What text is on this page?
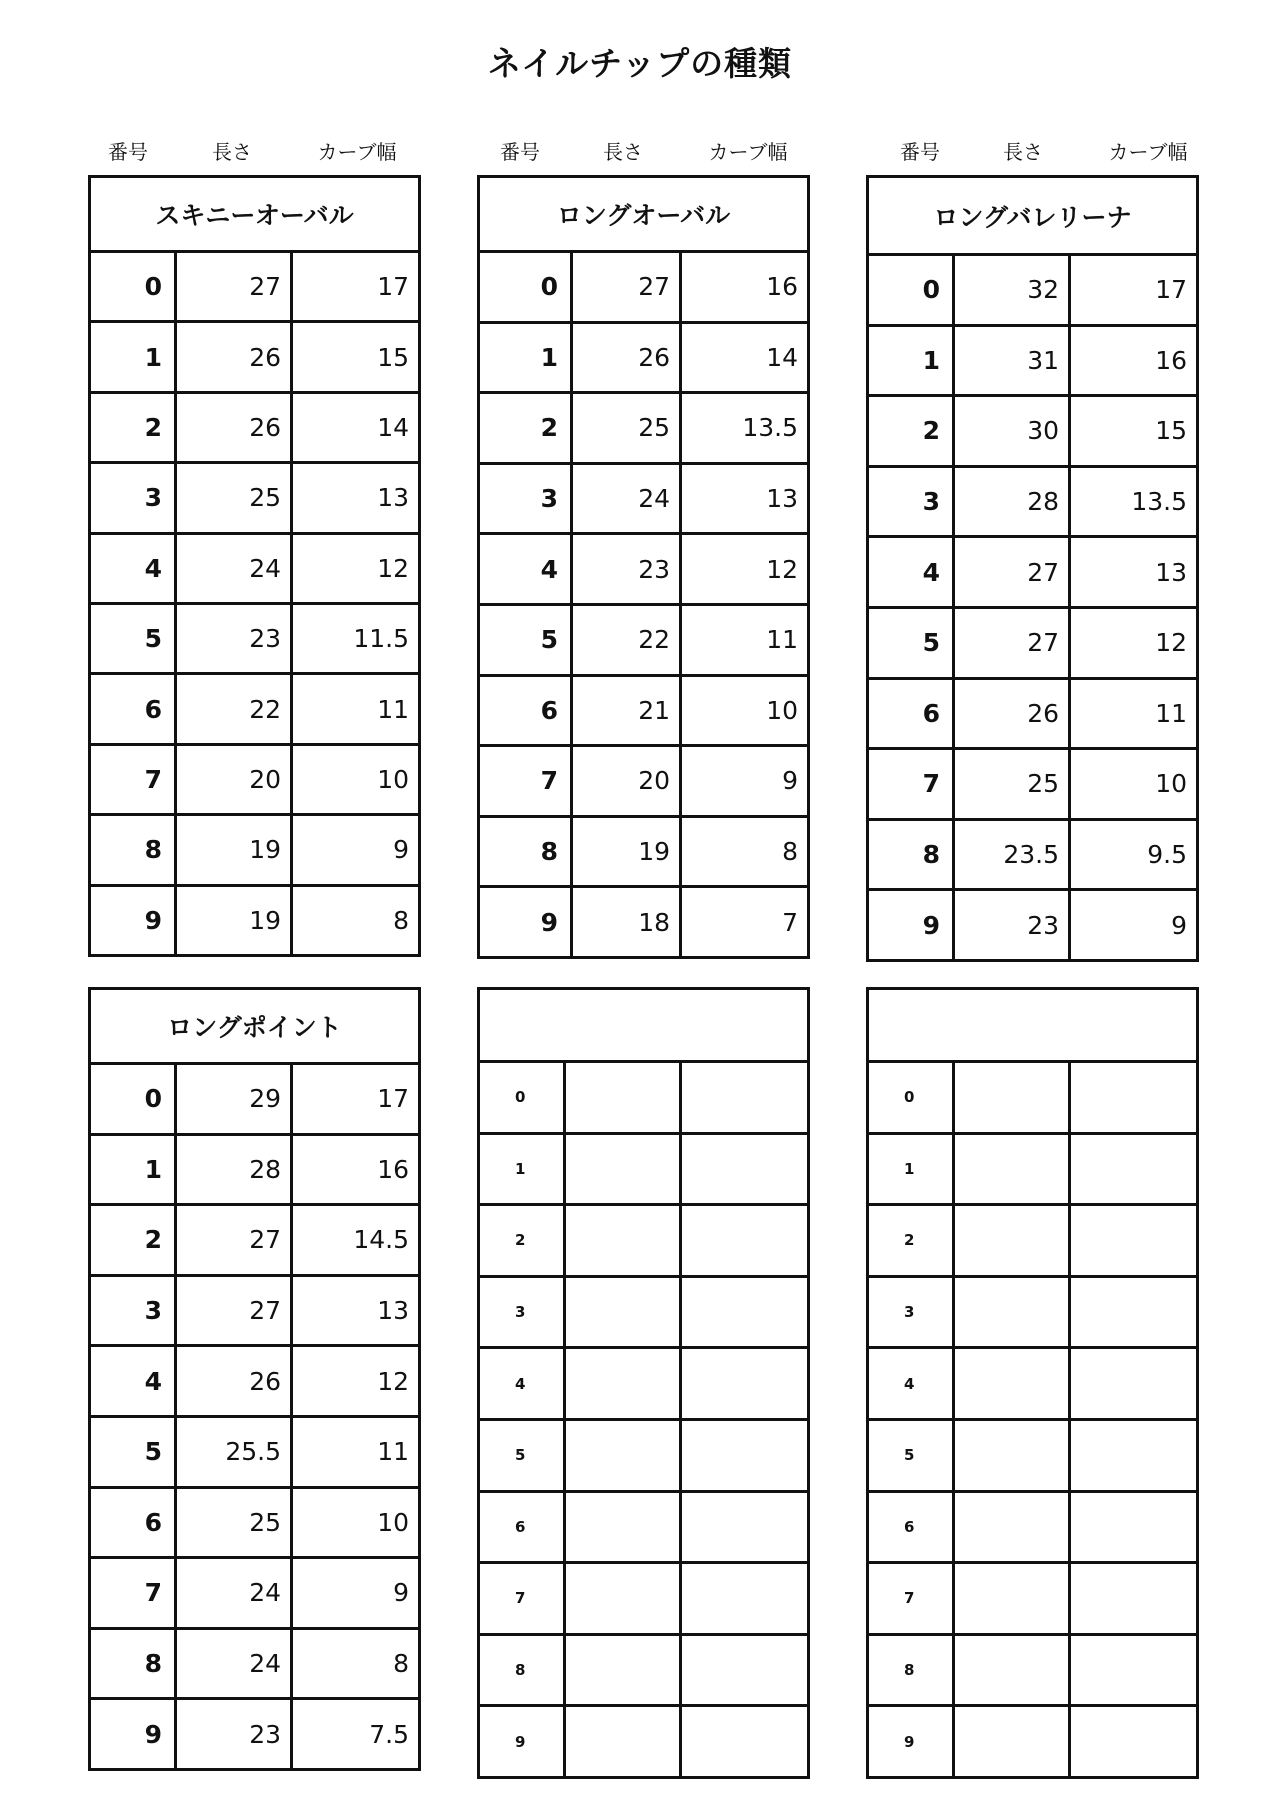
ネイルチップの種類
番号	長さ	カーブ幅	番号	長さ	カーブ幅	番号	長さ	カーブ幅
スキニーオーバル		
0	27	17
1	26	15
2	26	14
3	25	13
4	24	12
5	23	11.5
6	22	11
7	20	10
8	19	9
9	19	8
ロングオーバル		
0	27	16
1	26	14
2	25	13.5
3	24	13
4	23	12
5	22	11
6	21	10
7	20	9
8	19	8
9	18	7
ロングバレリーナ		
0	32	17
1	31	16
2	30	15
3	28	13.5
4	27	13
5	27	12
6	26	11
7	25	10
8	23.5	9.5
9	23	9
ロングポイント		
0	29	17
1	28	16
2	27	14.5
3	27	13
4	26	12
5	25.5	11
6	25	10
7	24	9
8	24	8
9	23	7.5

0		
1		
2		
3		
4		
5		
6		
7		
8		
9		

0		
1		
2		
3		
4		
5		
6		
7		
8		
9		
